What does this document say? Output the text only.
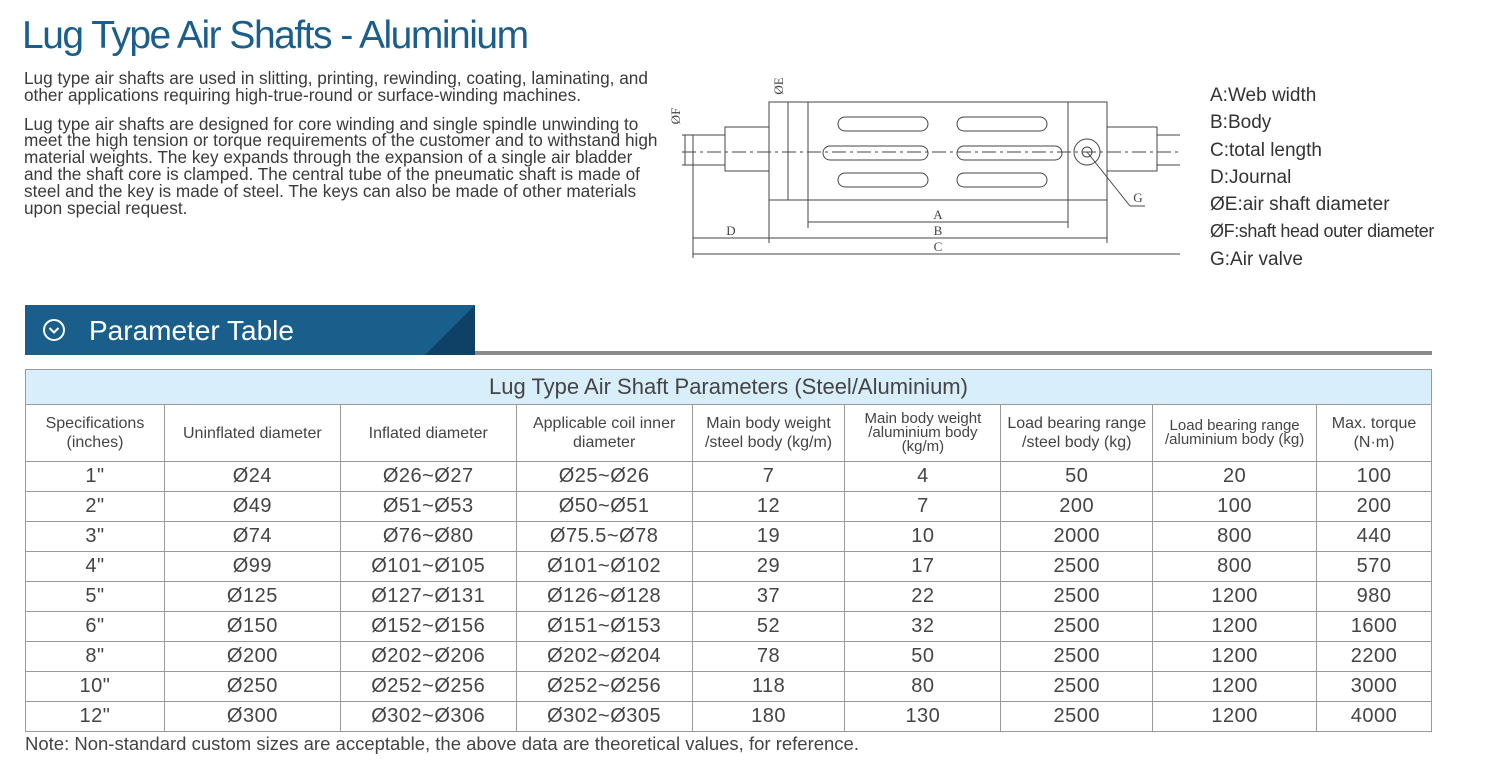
Lug Type Air Shafts - Aluminium

Lug type air shafts are used in slitting, printing, rewinding, coating, laminating, and other applications requiring high-true-round or surface-winding machines.

Lug type air shafts are designed for core winding and single spindle unwinding to meet the high tension or torque requirements of the customer and to withstand high material weights. The key expands through the expansion of a single air bladder and the shaft core is clamped. The central tube of the pneumatic shaft is made of steel and the key is made of steel. The keys can also be made of other materials upon special request.	A
B
C
D
G
ØE
ØF
A:Web width
B:Body
C:total length
D:Journal
ØE:air shaft diameter
ØF:shaft head outer diameter
G:Air valve
Parameter Table
Lug Type Air Shaft Parameters (Steel/Aluminium)								
Specifications (inches)	Uninflated diameter	Inflated diameter	Applicable coil inner diameter	Main body weight /steel body (kg/m)	Main body weight /aluminium body (kg/m)	Load bearing range /steel body (kg)	Load bearing range /aluminium body (kg)	Max. torque (N·m)
1"	Ø24	Ø26~Ø27	Ø25~Ø26	7	4	50	20	100
2"	Ø49	Ø51~Ø53	Ø50~Ø51	12	7	200	100	200
3"	Ø74	Ø76~Ø80	Ø75.5~Ø78	19	10	2000	800	440
4"	Ø99	Ø101~Ø105	Ø101~Ø102	29	17	2500	800	570
5"	Ø125	Ø127~Ø131	Ø126~Ø128	37	22	2500	1200	980
6"	Ø150	Ø152~Ø156	Ø151~Ø153	52	32	2500	1200	1600
8"	Ø200	Ø202~Ø206	Ø202~Ø204	78	50	2500	1200	2200
10"	Ø250	Ø252~Ø256	Ø252~Ø256	118	80	2500	1200	3000
12"	Ø300	Ø302~Ø306	Ø302~Ø305	180	130	2500	1200	4000
Note: Non-standard custom sizes are acceptable, the above data are theoretical values, for reference.
